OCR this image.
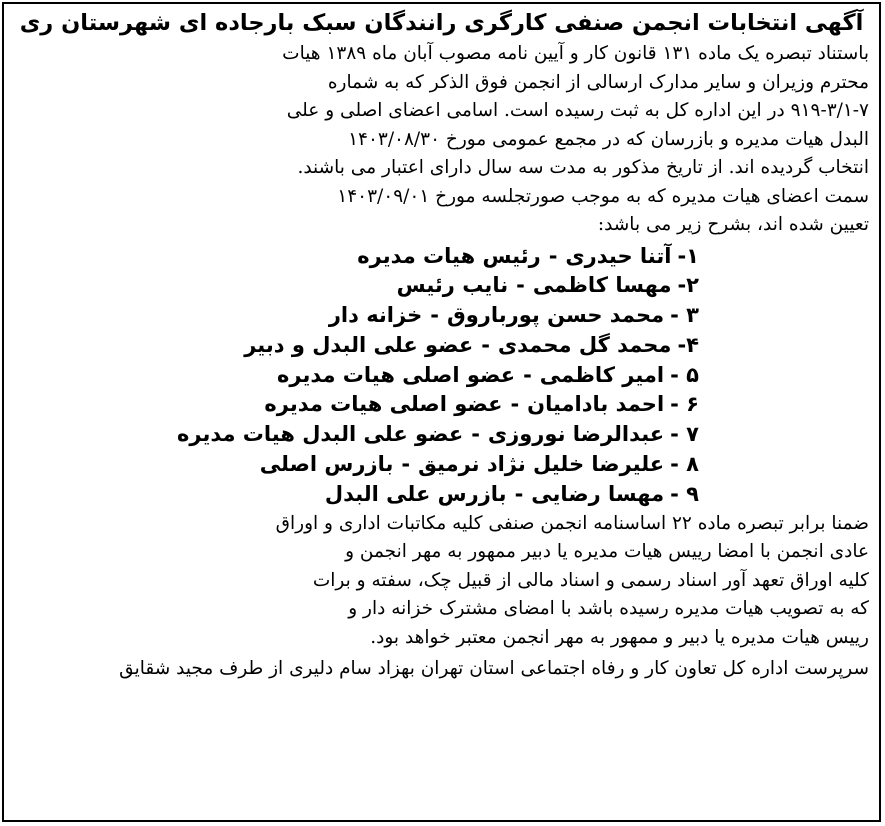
آگهی انتخابات انجمن صنفی کارگری رانندگان سبک بارجاده ای شهرستان ری
باستناد تبصره یک ماده ۱۳۱ قانون کار و آیین نامه مصوب آبان ماه ۱۳۸۹ هیات
محترم وزیران و سایر مدارک ارسالی از انجمن فوق الذکر که به شماره
۹۱۹-۳/۱-۷ در این اداره کل به ثبت رسیده است. اسامی اعضای اصلی و علی
البدل هیات مدیره و بازرسان که در مجمع عمومی مورخ ۱۴۰۳/۰۸/۳۰
انتخاب گردیده اند. از تاریخ مذکور به مدت سه سال دارای اعتبار می باشند.
سمت اعضای هیات مدیره که به موجب صورتجلسه مورخ ۱۴۰۳/۰۹/۰۱
تعیین شده اند، بشرح زیر می باشد:
۱-آتنا حیدری-رئیس هیات مدیره
۲-مهسا کاظمی-نایب رئیس
۳ -محمد حسن پورباروق-خزانه دار
۴-محمد گل محمدی-عضو علی البدل و دبیر
۵ -امیر کاظمی-عضو اصلی هیات مدیره
۶ -احمد بادامیان-عضو اصلی هیات مدیره
۷ -عبدالرضا نوروزی-عضو علی البدل هیات مدیره
۸ -علیرضا خلیل نژاد نرمیق-بازرس اصلی
۹ -مهسا رضایی-بازرس علی البدل
ضمنا برابر تبصره ماده ۲۲ اساسنامه انجمن صنفی کلیه مکاتبات اداری و اوراق
عادی انجمن با امضا رییس هیات مدیره یا دبیر ممهور به مهر انجمن و
کلیه اوراق تعهد آور اسناد رسمی و اسناد مالی از قبیل چک، سفته و برات
که به تصویب هیات مدیره رسیده باشد با امضای مشترک خزانه دار و
رییس هیات مدیره یا دبیر و ممهور به مهر انجمن معتبر خواهد بود.
سرپرست اداره کل تعاون کار و رفاه اجتماعی استان تهران بهزاد سام دلیری از طرف مجید شقایق
